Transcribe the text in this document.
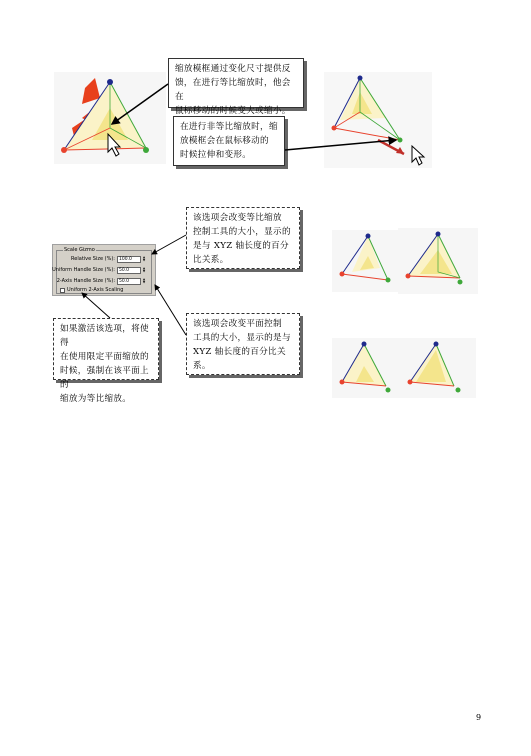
缩放模框通过变化尺寸提供反

馈，在进行等比缩放时，他会在

鼠标移动的时候变大或缩小。

在进行非等比缩放时，缩

放模框会在鼠标移动的

时候拉伸和变形。

该选项会改变等比缩放

控制工具的大小，显示的

是与 XYZ 轴长度的百分

比关系。

如果激活该选项，将使得

在使用限定平面缩放的

时候，强制在该平面上的

缩放为等比缩放。

该选项会改变平面控制

工具的大小，显示的是与

XYZ 轴长度的百分比关

系。

Scale Gizmo
Relative Size (%): 100.0	▲
▼
Uniform Handle Size (%): 50.0	▲
▼
2-Axis Handle Size (%): 50.0	▲
▼
Uniform 2-Axis Scaling
9
